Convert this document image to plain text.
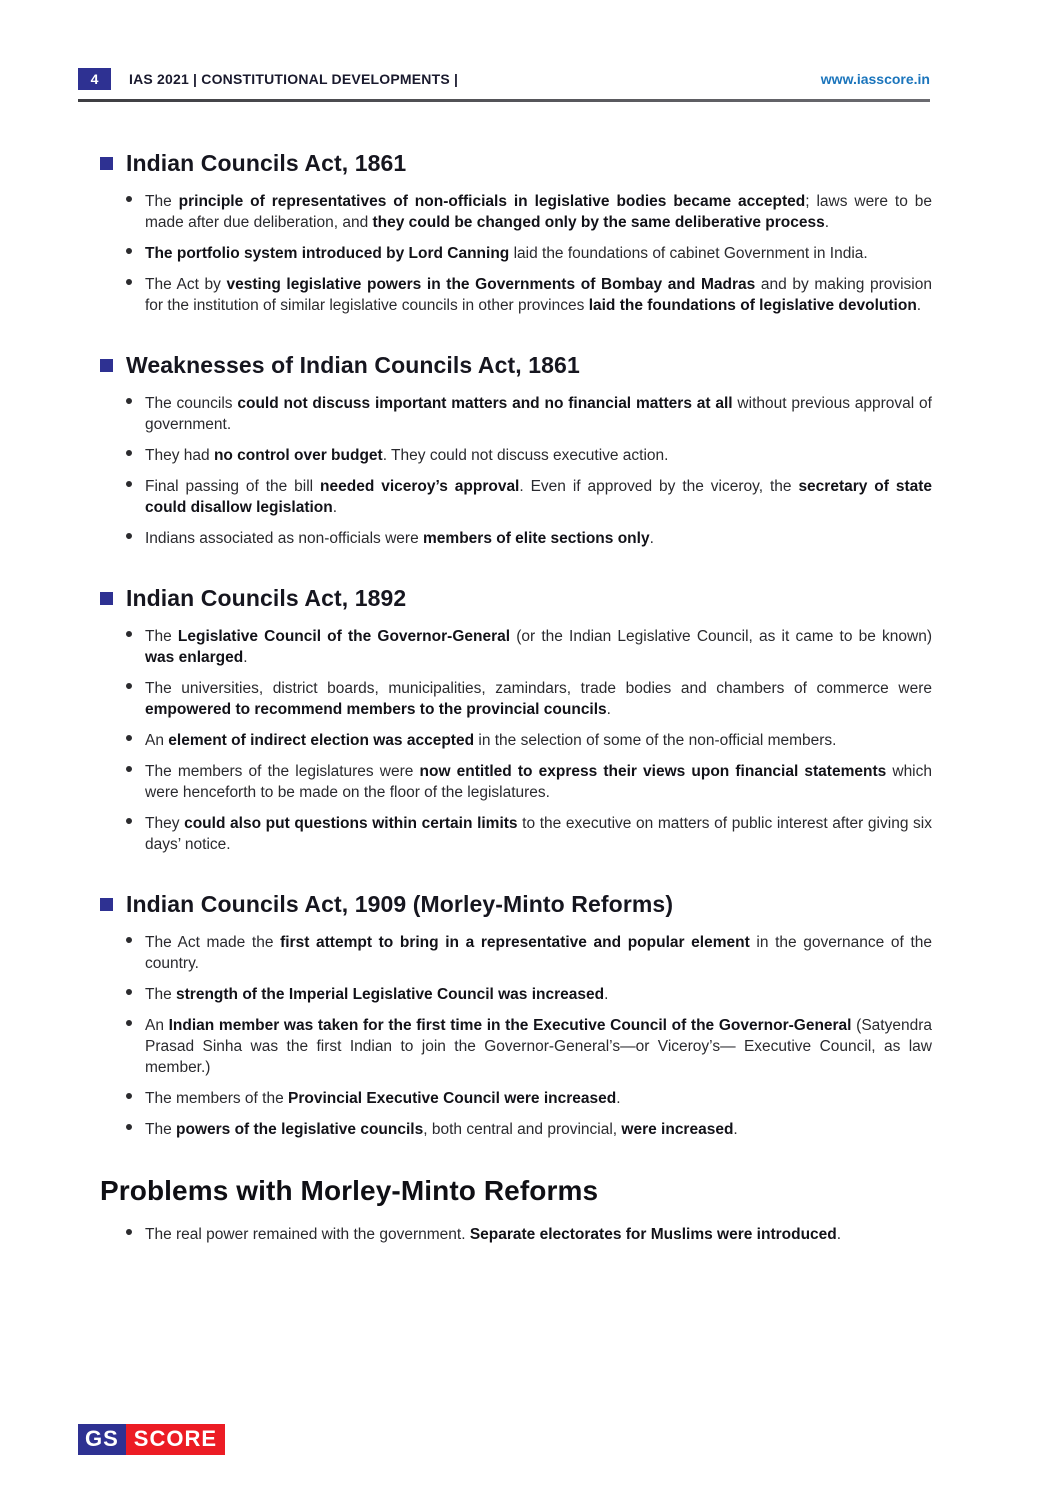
4	IAS 2021 | CONSTITUTIONAL DEVELOPMENTS |	www.iasscore.in
Indian Councils Act, 1861
The principle of representatives of non-officials in legislative bodies became accepted; laws were to be made after due deliberation, and they could be changed only by the same deliberative process.
The portfolio system introduced by Lord Canning laid the foundations of cabinet Government in India.
The Act by vesting legislative powers in the Governments of Bombay and Madras and by making provision for the institution of similar legislative councils in other provinces laid the foundations of legislative devolution.
Weaknesses of Indian Councils Act, 1861
The councils could not discuss important matters and no financial matters at all without previous approval of government.
They had no control over budget. They could not discuss executive action.
Final passing of the bill needed viceroy’s approval. Even if approved by the viceroy, the secretary of state could disallow legislation.
Indians associated as non-officials were members of elite sections only.
Indian Councils Act, 1892
The Legislative Council of the Governor-General (or the Indian Legislative Council, as it came to be known) was enlarged.
The universities, district boards, municipalities, zamindars, trade bodies and chambers of commerce were empowered to recommend members to the provincial councils.
An element of indirect election was accepted in the selection of some of the non-official members.
The members of the legislatures were now entitled to express their views upon financial statements which were henceforth to be made on the floor of the legislatures.
They could also put questions within certain limits to the executive on matters of public interest after giving six days’ notice.
Indian Councils Act, 1909 (Morley-Minto Reforms)
The Act made the first attempt to bring in a representative and popular element in the governance of the country.
The strength of the Imperial Legislative Council was increased.
An Indian member was taken for the first time in the Executive Council of the Governor-General (Satyendra Prasad Sinha was the first Indian to join the Governor-General’s—or Viceroy’s— Executive Council, as law member.)
The members of the Provincial Executive Council were increased.
The powers of the legislative councils, both central and provincial, were increased.
Problems with Morley-Minto Reforms
The real power remained with the government. Separate electorates for Muslims were introduced.
GS SCORE
